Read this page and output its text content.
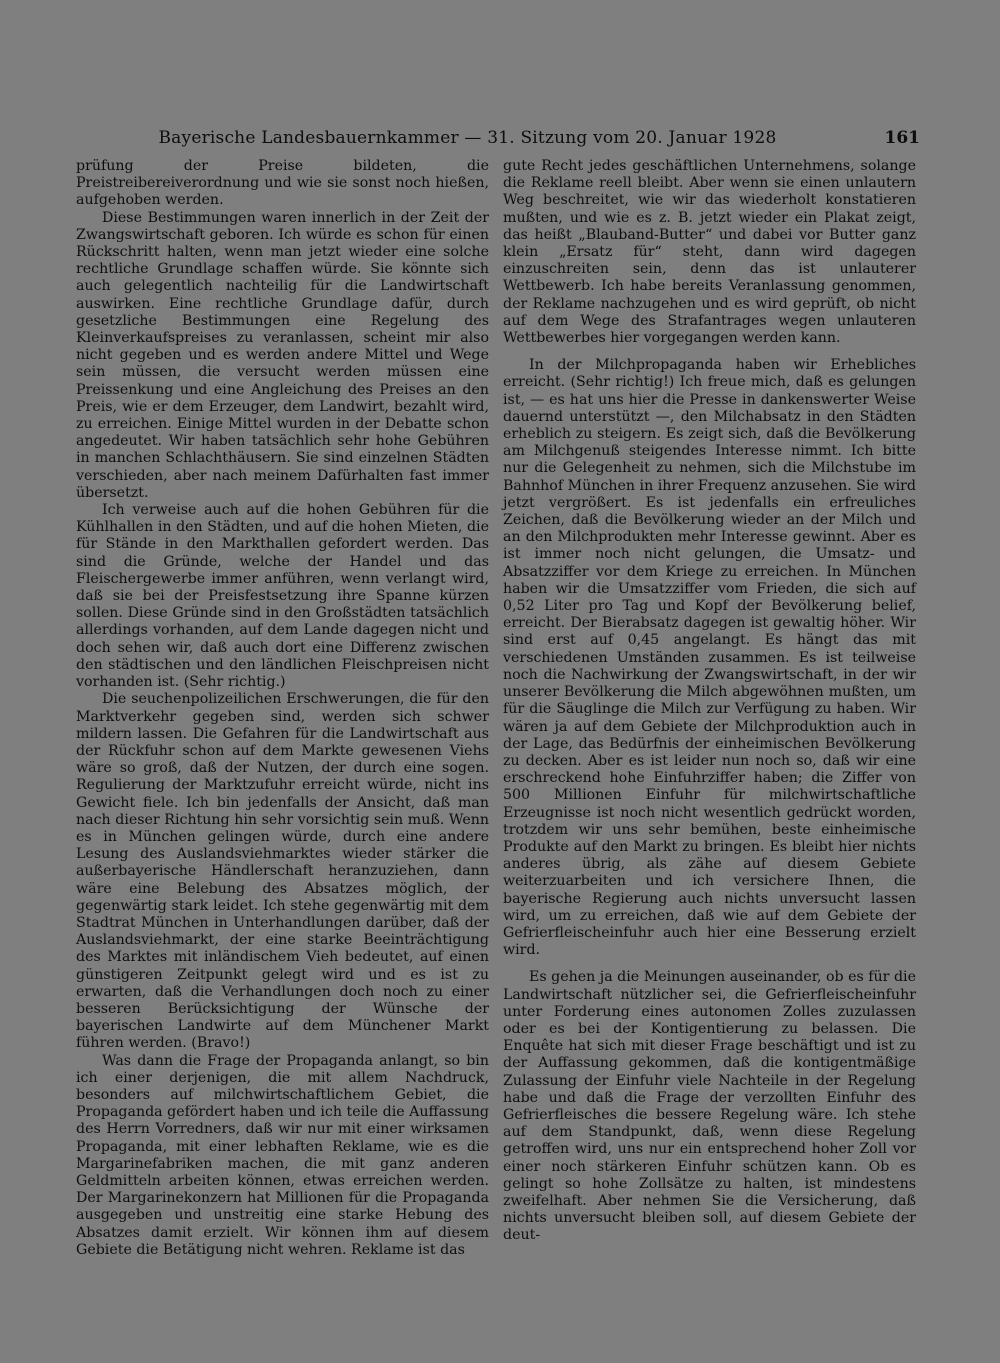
Bayerische Landesbauernkammer — 31. Sitzung vom 20. Januar 1928	161

prüfung der Preise bildeten, die Preistreibereiverordnung und wie sie sonst noch hießen, aufgehoben werden.

Diese Bestimmungen waren innerlich in der Zeit der Zwangswirtschaft geboren. Ich würde es schon für einen Rückschritt halten, wenn man jetzt wieder eine solche rechtliche Grundlage schaffen würde. Sie könnte sich auch gelegentlich nachteilig für die Landwirtschaft auswirken. Eine rechtliche Grundlage dafür, durch gesetzliche Bestimmungen eine Regelung des Kleinverkaufspreises zu veranlassen, scheint mir also nicht gegeben und es werden andere Mittel und Wege sein müssen, die versucht werden müssen eine Preissenkung und eine Angleichung des Preises an den Preis, wie er dem Erzeuger, dem Landwirt, bezahlt wird, zu erreichen. Einige Mittel wurden in der Debatte schon angedeutet. Wir haben tatsächlich sehr hohe Gebühren in manchen Schlachthäusern. Sie sind einzelnen Städten verschieden, aber nach meinem Dafürhalten fast immer übersetzt.

Ich verweise auch auf die hohen Gebühren für die Kühlhallen in den Städten, und auf die hohen Mieten, die für Stände in den Markthallen gefordert werden. Das sind die Gründe, welche der Handel und das Fleischergewerbe immer anführen, wenn verlangt wird, daß sie bei der Preisfestsetzung ihre Spanne kürzen sollen. Diese Gründe sind in den Großstädten tatsächlich allerdings vorhanden, auf dem Lande dagegen nicht und doch sehen wir, daß auch dort eine Differenz zwischen den städtischen und den ländlichen Fleischpreisen nicht vorhanden ist. (Sehr richtig.)

Die seuchenpolizeilichen Erschwerungen, die für den Marktverkehr gegeben sind, werden sich schwer mildern lassen. Die Gefahren für die Landwirtschaft aus der Rückfuhr schon auf dem Markte gewesenen Viehs wäre so groß, daß der Nutzen, der durch eine sogen. Regulierung der Marktzufuhr erreicht würde, nicht ins Gewicht fiele. Ich bin jedenfalls der Ansicht, daß man nach dieser Richtung hin sehr vorsichtig sein muß. Wenn es in München gelingen würde, durch eine andere Lesung des Auslandsviehmarktes wieder stärker die außerbayerische Händlerschaft heranzuziehen, dann wäre eine Belebung des Absatzes möglich, der gegenwärtig stark leidet. Ich stehe gegenwärtig mit dem Stadtrat München in Unterhandlungen darüber, daß der Auslandsviehmarkt, der eine starke Beeinträchtigung des Marktes mit inländischem Vieh bedeutet, auf einen günstigeren Zeitpunkt gelegt wird und es ist zu erwarten, daß die Verhandlungen doch noch zu einer besseren Berücksichtigung der Wünsche der bayerischen Landwirte auf dem Münchener Markt führen werden. (Bravo!)

Was dann die Frage der Propaganda anlangt, so bin ich einer derjenigen, die mit allem Nachdruck, besonders auf milchwirtschaftlichem Gebiet, die Propaganda gefördert haben und ich teile die Auffassung des Herrn Vorredners, daß wir nur mit einer wirksamen Propaganda, mit einer lebhaften Reklame, wie es die Margarinefabriken machen, die mit ganz anderen Geldmitteln arbeiten können, etwas erreichen werden. Der Margarinekonzern hat Millionen für die Propaganda ausgegeben und unstreitig eine starke Hebung des Absatzes damit erzielt. Wir können ihm auf diesem Gebiete die Betätigung nicht wehren. Reklame ist das

gute Recht jedes geschäftlichen Unternehmens, solange die Reklame reell bleibt. Aber wenn sie einen unlautern Weg beschreitet, wie wir das wiederholt konstatieren mußten, und wie es z. B. jetzt wieder ein Plakat zeigt, das heißt „Blauband-Butter“ und dabei vor Butter ganz klein „Ersatz für“ steht, dann wird dagegen einzuschreiten sein, denn das ist unlauterer Wettbewerb. Ich habe bereits Veranlassung genommen, der Reklame nachzugehen und es wird geprüft, ob nicht auf dem Wege des Strafantrages wegen unlauteren Wettbewerbes hier vorgegangen werden kann.

In der Milchpropaganda haben wir Erhebliches erreicht. (Sehr richtig!) Ich freue mich, daß es gelungen ist, — es hat uns hier die Presse in dankenswerter Weise dauernd unterstützt —, den Milchabsatz in den Städten erheblich zu steigern. Es zeigt sich, daß die Bevölkerung am Milchgenuß steigendes Interesse nimmt. Ich bitte nur die Gelegenheit zu nehmen, sich die Milchstube im Bahnhof München in ihrer Frequenz anzusehen. Sie wird jetzt vergrößert. Es ist jedenfalls ein erfreuliches Zeichen, daß die Bevölkerung wieder an der Milch und an den Milchprodukten mehr Interesse gewinnt. Aber es ist immer noch nicht gelungen, die Umsatz- und Absatzziffer vor dem Kriege zu erreichen. In München haben wir die Umsatzziffer vom Frieden, die sich auf 0,52 Liter pro Tag und Kopf der Bevölkerung belief, erreicht. Der Bierabsatz dagegen ist gewaltig höher. Wir sind erst auf 0,45 angelangt. Es hängt das mit verschiedenen Umständen zusammen. Es ist teilweise noch die Nachwirkung der Zwangswirtschaft, in der wir unserer Bevölkerung die Milch abgewöhnen mußten, um für die Säuglinge die Milch zur Verfügung zu haben. Wir wären ja auf dem Gebiete der Milchproduktion auch in der Lage, das Bedürfnis der einheimischen Bevölkerung zu decken. Aber es ist leider nun noch so, daß wir eine erschreckend hohe Einfuhrziffer haben; die Ziffer von 500 Millionen Einfuhr für milchwirtschaftliche Erzeugnisse ist noch nicht wesentlich gedrückt worden, trotzdem wir uns sehr bemühen, beste einheimische Produkte auf den Markt zu bringen. Es bleibt hier nichts anderes übrig, als zähe auf diesem Gebiete weiterzuarbeiten und ich versichere Ihnen, die bayerische Regierung auch nichts unversucht lassen wird, um zu erreichen, daß wie auf dem Gebiete der Gefrierfleischeinfuhr auch hier eine Besserung erzielt wird.

Es gehen ja die Meinungen auseinander, ob es für die Landwirtschaft nützlicher sei, die Gefrierfleischeinfuhr unter Forderung eines autonomen Zolles zuzulassen oder es bei der Kontigentierung zu belassen. Die Enquête hat sich mit dieser Frage beschäftigt und ist zu der Auffassung gekommen, daß die kontigentmäßige Zulassung der Einfuhr viele Nachteile in der Regelung habe und daß die Frage der verzollten Einfuhr des Gefrierfleisches die bessere Regelung wäre. Ich stehe auf dem Standpunkt, daß, wenn diese Regelung getroffen wird, uns nur ein entsprechend hoher Zoll vor einer noch stärkeren Einfuhr schützen kann. Ob es gelingt so hohe Zollsätze zu halten, ist mindestens zweifelhaft. Aber nehmen Sie die Versicherung, daß nichts unversucht bleiben soll, auf diesem Gebiete der deut-
